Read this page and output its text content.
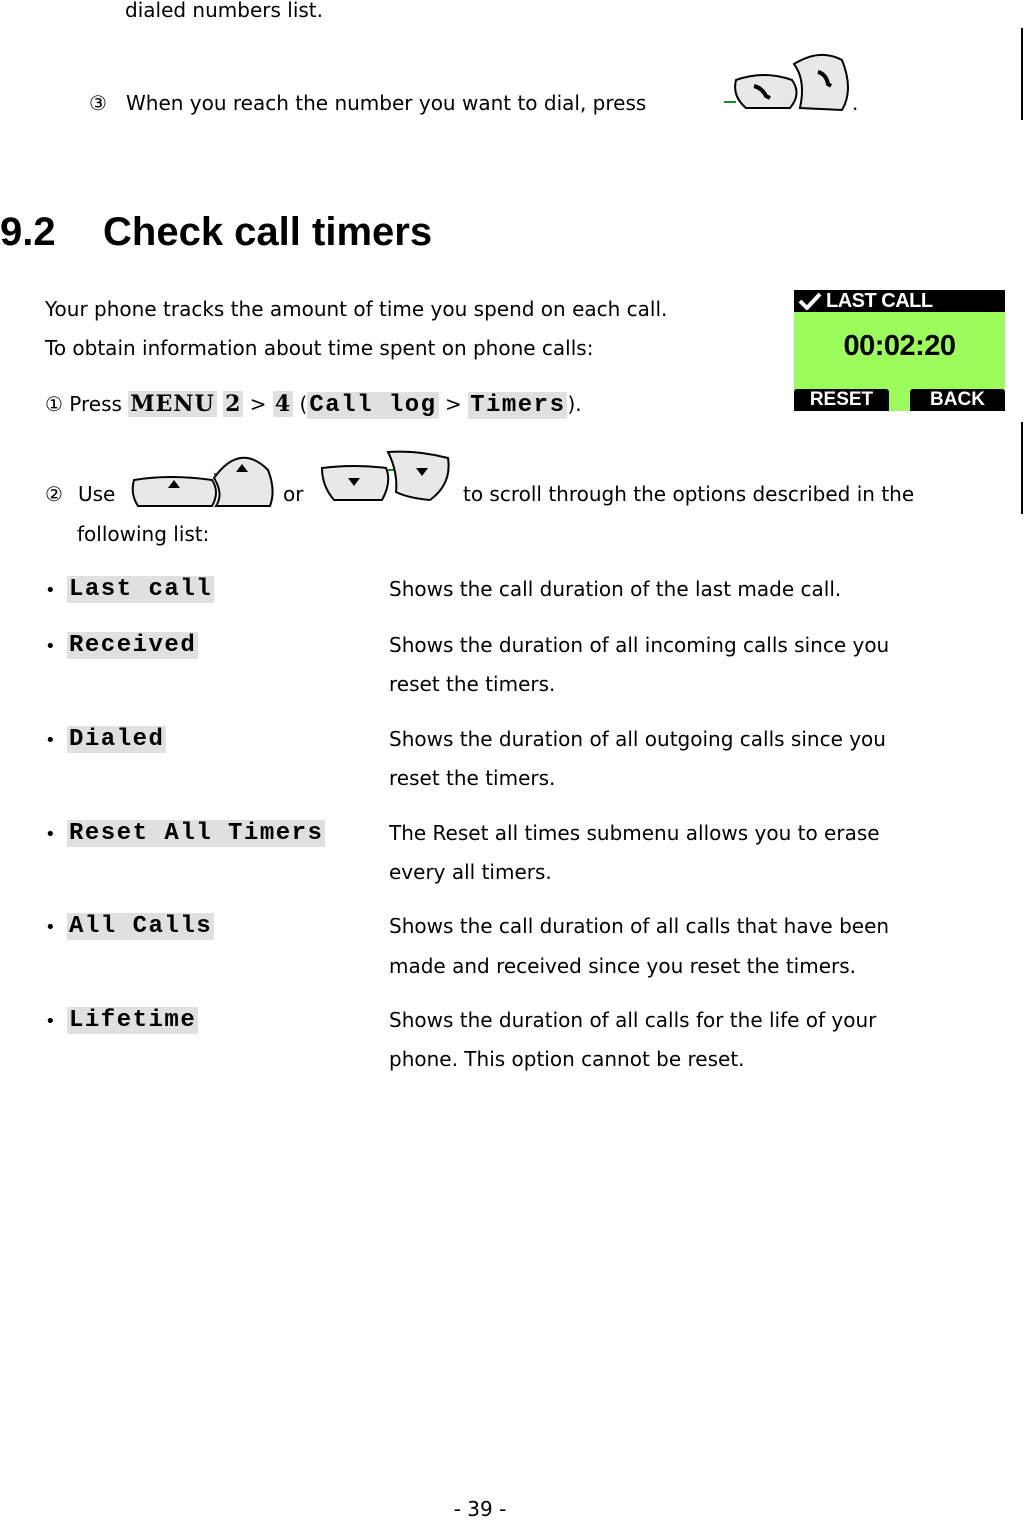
dialed numbers list.
③ When you reach the number you want to dial, press	.
9.2 Check call timers
Your phone tracks the amount of time you spend on each call.
To obtain information about time spent on phone calls:
LAST CALL
00:02:20
RESET	BACK
① Press MENU 2 > 4 (Call log > Timers ).
② Use	or	to scroll through the options described in the
following list:
• Last call	Shows the call duration of the last made call.
• Received	Shows the duration of all incoming calls since you
reset the timers.
• Dialed	Shows the duration of all outgoing calls since you
reset the timers.
• Reset All Timers	The Reset all times submenu allows you to erase
every all timers.
• All Calls	Shows the call duration of all calls that have been
made and received since you reset the timers.
• Lifetime	Shows the duration of all calls for the life of your
phone. This option cannot be reset.
- 39 -
